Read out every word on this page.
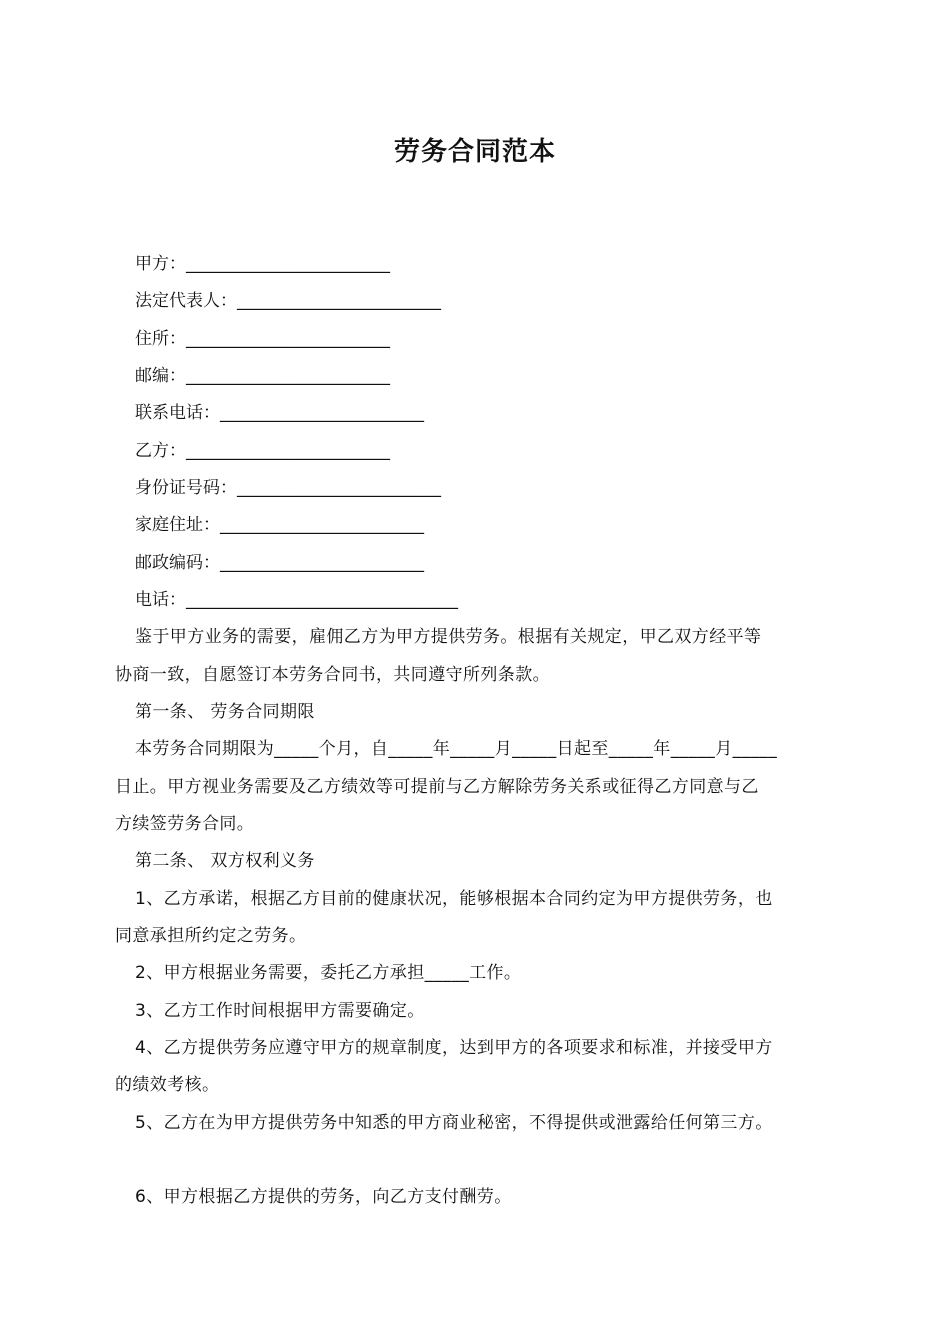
劳务合同范本
甲方：________________________
法定代表人：________________________
住所：________________________
邮编：________________________
联系电话：________________________
乙方：________________________
身份证号码：________________________
家庭住址：________________________
邮政编码：________________________
电话：________________________________
鉴于甲方业务的需要，雇佣乙方为甲方提供劳务。根据有关规定，甲乙双方经平等
协商一致，自愿签订本劳务合同书，共同遵守所列条款。
第一条、 劳务合同期限
本劳务合同期限为_____个月，自_____年_____月_____日起至_____年_____月_____
日止。甲方视业务需要及乙方绩效等可提前与乙方解除劳务关系或征得乙方同意与乙
方续签劳务合同。
第二条、 双方权利义务
1、乙方承诺，根据乙方目前的健康状况，能够根据本合同约定为甲方提供劳务，也
同意承担所约定之劳务。
2、甲方根据业务需要，委托乙方承担_____工作。
3、乙方工作时间根据甲方需要确定。
4、乙方提供劳务应遵守甲方的规章制度，达到甲方的各项要求和标准，并接受甲方
的绩效考核。
5、乙方在为甲方提供劳务中知悉的甲方商业秘密，不得提供或泄露给任何第三方。
6、甲方根据乙方提供的劳务，向乙方支付酬劳。
